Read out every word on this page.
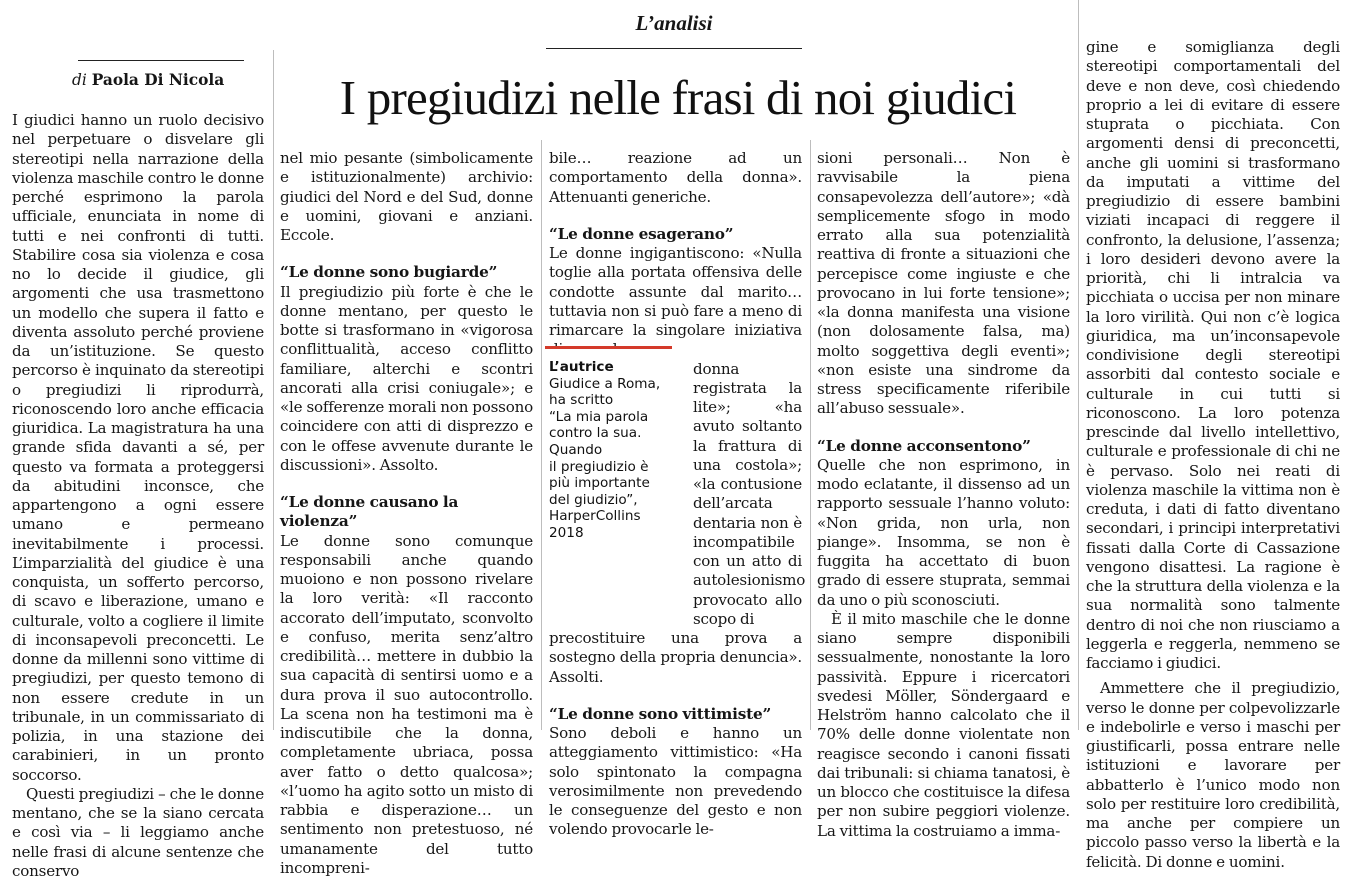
L’analisi
di Paola Di Nicola	I pregiudizi nelle frasi di noi giudici

I giudici hanno un ruolo decisivo nel perpetuare o disvelare gli stereotipi nella narrazione della violenza maschile contro le donne perché esprimono la parola ufficiale, enunciata in nome di tutti e nei confronti di tutti. Stabilire cosa sia violenza e cosa no lo decide il giudice, gli argomenti che usa trasmettono un modello che supera il fatto e diventa assoluto perché proviene da un’istituzione. Se questo percorso è inquinato da stereotipi o pregiudizi li riprodurrà, riconoscendo loro anche efficacia giuridica. La magistratura ha una grande sfida davanti a sé, per questo va formata a proteggersi da abitudini inconsce, che appartengono a ogni essere umano e permeano inevitabilmente i processi. L’imparzialità del giudice è una conquista, un sofferto percorso, di scavo e liberazione, umano e culturale, volto a cogliere il limite di inconsapevoli preconcetti. Le donne da millenni sono vittime di pregiudizi, per questo temono di non essere credute in un tribunale, in un commissariato di polizia, in una stazione dei carabinieri, in un pronto soccorso.

Questi pregiudizi – che le donne mentano, che se la siano cercata e così via – li leggiamo anche nelle frasi di alcune sentenze che conservo

nel mio pesante (simbolicamente e istituzionalmente) archivio: giudici del Nord e del Sud, donne e uomini, giovani e anziani. Eccole.

“Le donne sono bugiarde”

Il pregiudizio più forte è che le donne mentano, per questo le botte si trasformano in «vigorosa conflittualità, acceso conflitto familiare, alterchi e scontri ancorati alla crisi coniugale»; e «le sofferenze morali non possono coincidere con atti di disprezzo e con le offese avvenute durante le discussioni». Assolto.

“Le donne causano la violenza”

Le donne sono comunque responsabili anche quando muoiono e non possono rivelare la loro verità: «Il racconto accorato dell’imputato, sconvolto e confuso, merita senz’altro credibilità… mettere in dubbio la sua capacità di sentirsi uomo e a dura prova il suo autocontrollo. La scena non ha testimoni ma è indiscutibile che la donna, completamente ubriaca, possa aver fatto o detto qualcosa»; «l’uomo ha agito sotto un misto di rabbia e disperazione… un sentimento non pretestuoso, né umanamente del tutto incompreni-

bile… reazione ad un comportamento della donna». Attenuanti generiche.

“Le donne esagerano”

Le donne ingigantiscono: «Nulla toglie alla portata offensiva delle condotte assunte dal marito… tuttavia non si può fare a meno di rimarcare la singolare iniziativa

donna registrata la lite»; «ha avuto soltanto la frattura di una costola»; «la contusione dell’arcata dentaria non è incompatibile con un atto di autolesionismo provocato allo scopo di

precostituire una prova a sostegno della propria denuncia». Assolti.

“Le donne sono vittimiste”

Sono deboli e hanno un atteggiamento vittimistico: «Ha solo spintonato la compagna verosimilmente non prevedendo le conseguenze del gesto e non volendo provocarle le-

L’autrice
Giudice a Roma,
ha scritto
“La mia parola
contro la sua.
Quando
il pregiudizio è
più importante
del giudizio”,
HarperCollins
2018

sioni personali… Non è ravvisabile la piena consapevolezza dell’autore»; «dà semplicemente sfogo in modo errato alla sua potenzialità reattiva di fronte a situazioni che percepisce come ingiuste e che provocano in lui forte tensione»; «la donna manifesta una visione (non dolosamente falsa, ma) molto soggettiva degli eventi»; «non esiste una sindrome da stress specificamente riferibile all’abuso sessuale».

“Le donne acconsentono”

Quelle che non esprimono, in modo eclatante, il dissenso ad un rapporto sessuale l’hanno voluto: «Non grida, non urla, non piange». Insomma, se non è fuggita ha accettato di buon grado di essere stuprata, semmai da uno o più sconosciuti.

È il mito maschile che le donne siano sempre disponibili sessualmente, nonostante la loro passività. Eppure i ricercatori svedesi Möller, Söndergaard e Helström hanno calcolato che il 70% delle donne violentate non reagisce secondo i canoni fissati dai tribunali: si chiama tanatosi, è un blocco che costituisce la difesa per non subire peggiori violenze. La vittima la costruiamo a imma-

gine e somiglianza degli stereotipi comportamentali del deve e non deve, così chiedendo proprio a lei di evitare di essere stuprata o picchiata. Con argomenti densi di preconcetti, anche gli uomini si trasformano da imputati a vittime del pregiudizio di essere bambini viziati incapaci di reggere il confronto, la delusione, l’assenza; i loro desideri devono avere la priorità, chi li intralcia va picchiata o uccisa per non minare la loro virilità. Qui non c’è logica giuridica, ma un’inconsapevole condivisione degli stereotipi assorbiti dal contesto sociale e culturale in cui tutti si riconoscono. La loro potenza prescinde dal livello intellettivo, culturale e professionale di chi ne è pervaso. Solo nei reati di violenza maschile la vittima non è creduta, i dati di fatto diventano secondari, i principi interpretativi fissati dalla Corte di Cassazione vengono disattesi. La ragione è che la struttura della violenza e la sua normalità sono talmente dentro di noi che non riusciamo a leggerla e reggerla, nemmeno se facciamo i giudici.

Ammettere che il pregiudizio, verso le donne per colpevolizzarle e indebolirle e verso i maschi per giustificarli, possa entrare nelle istituzioni e lavorare per abbatterlo è l’unico modo non solo per restituire loro credibilità, ma anche per compiere un piccolo passo verso la libertà e la felicità. Di donne e uomini.
